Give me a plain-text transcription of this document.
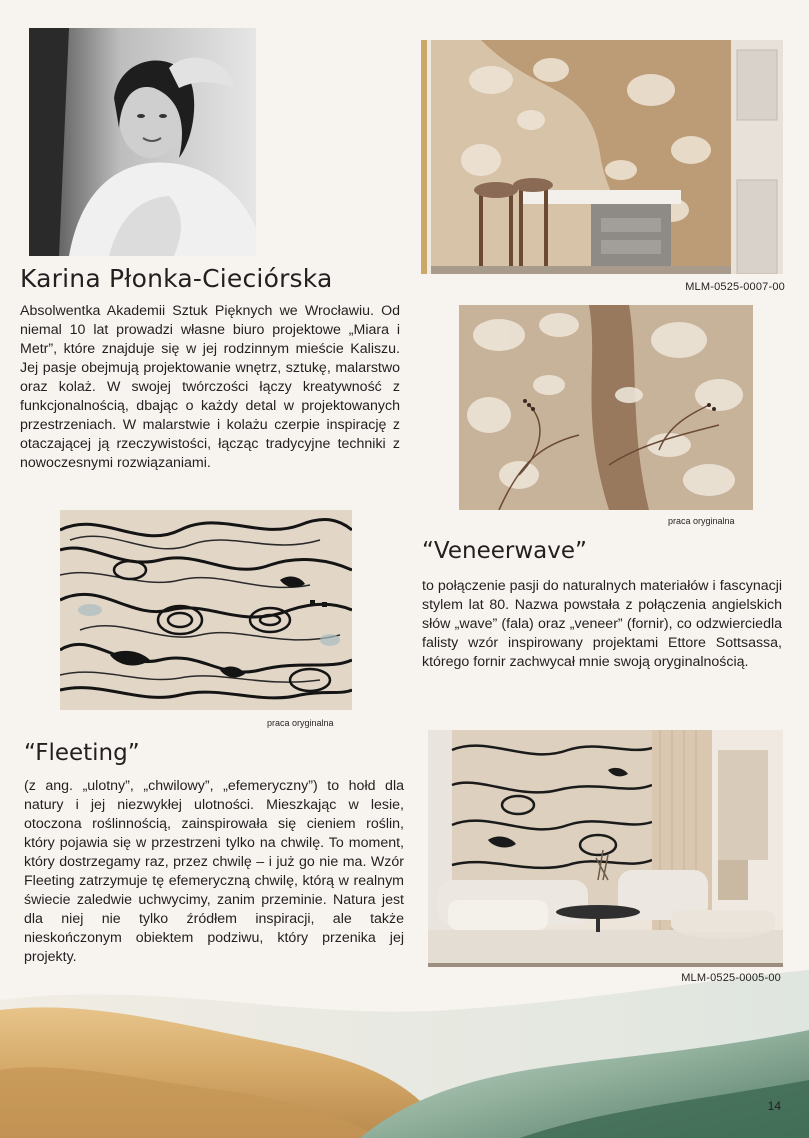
Karina Płonka-Cieciórska
Absolwentka Akademii Sztuk Pięknych we Wrocławiu. Od niemal 10 lat prowadzi własne biuro projektowe „Miara i Metr”, które znajduje się w jej rodzinnym mieście Kaliszu. Jej pasje obejmują projektowanie wnętrz, sztukę, malarstwo oraz kolaż. W swojej twórczości łączy kreatywność z funkcjonalnością, dbając o każdy detal w projektowanych przestrzeniach. W malarstwie i kolażu czerpie inspirację z otaczającej ją rzeczywistości, łącząc tradycyjne techniki z nowoczesnymi rozwiązaniami.
MLM-0525-0007-00
praca oryginalna
praca oryginalna
“Veneerwave”
to połączenie pasji do naturalnych materiałów i fascynacji stylem lat 80. Nazwa powstała z połączenia angielskich słów „wave” (fala) oraz „veneer” (fornir), co odzwierciedla falisty wzór inspirowany projektami Ettore Sottsassa, którego fornir zachwycał mnie swoją oryginalnością.
“Fleeting”
(z ang. „ulotny”, „chwilowy”, „efemeryczny”) to hołd dla natury i jej niezwykłej ulotności. Mieszkając w lesie, otoczona roślinnością, zainspirowała się cieniem roślin, który pojawia się w przestrzeni tylko na chwilę. To moment, który dostrzegamy raz, przez chwilę – i już go nie ma. Wzór Fleeting zatrzymuje tę efemeryczną chwilę, którą w realnym świecie zaledwie uchwycimy, zanim przeminie. Natura jest dla niej nie tylko źródłem inspiracji, ale także nieskończonym obiektem podziwu, który przenika jej projekty.
MLM-0525-0005-00
14
